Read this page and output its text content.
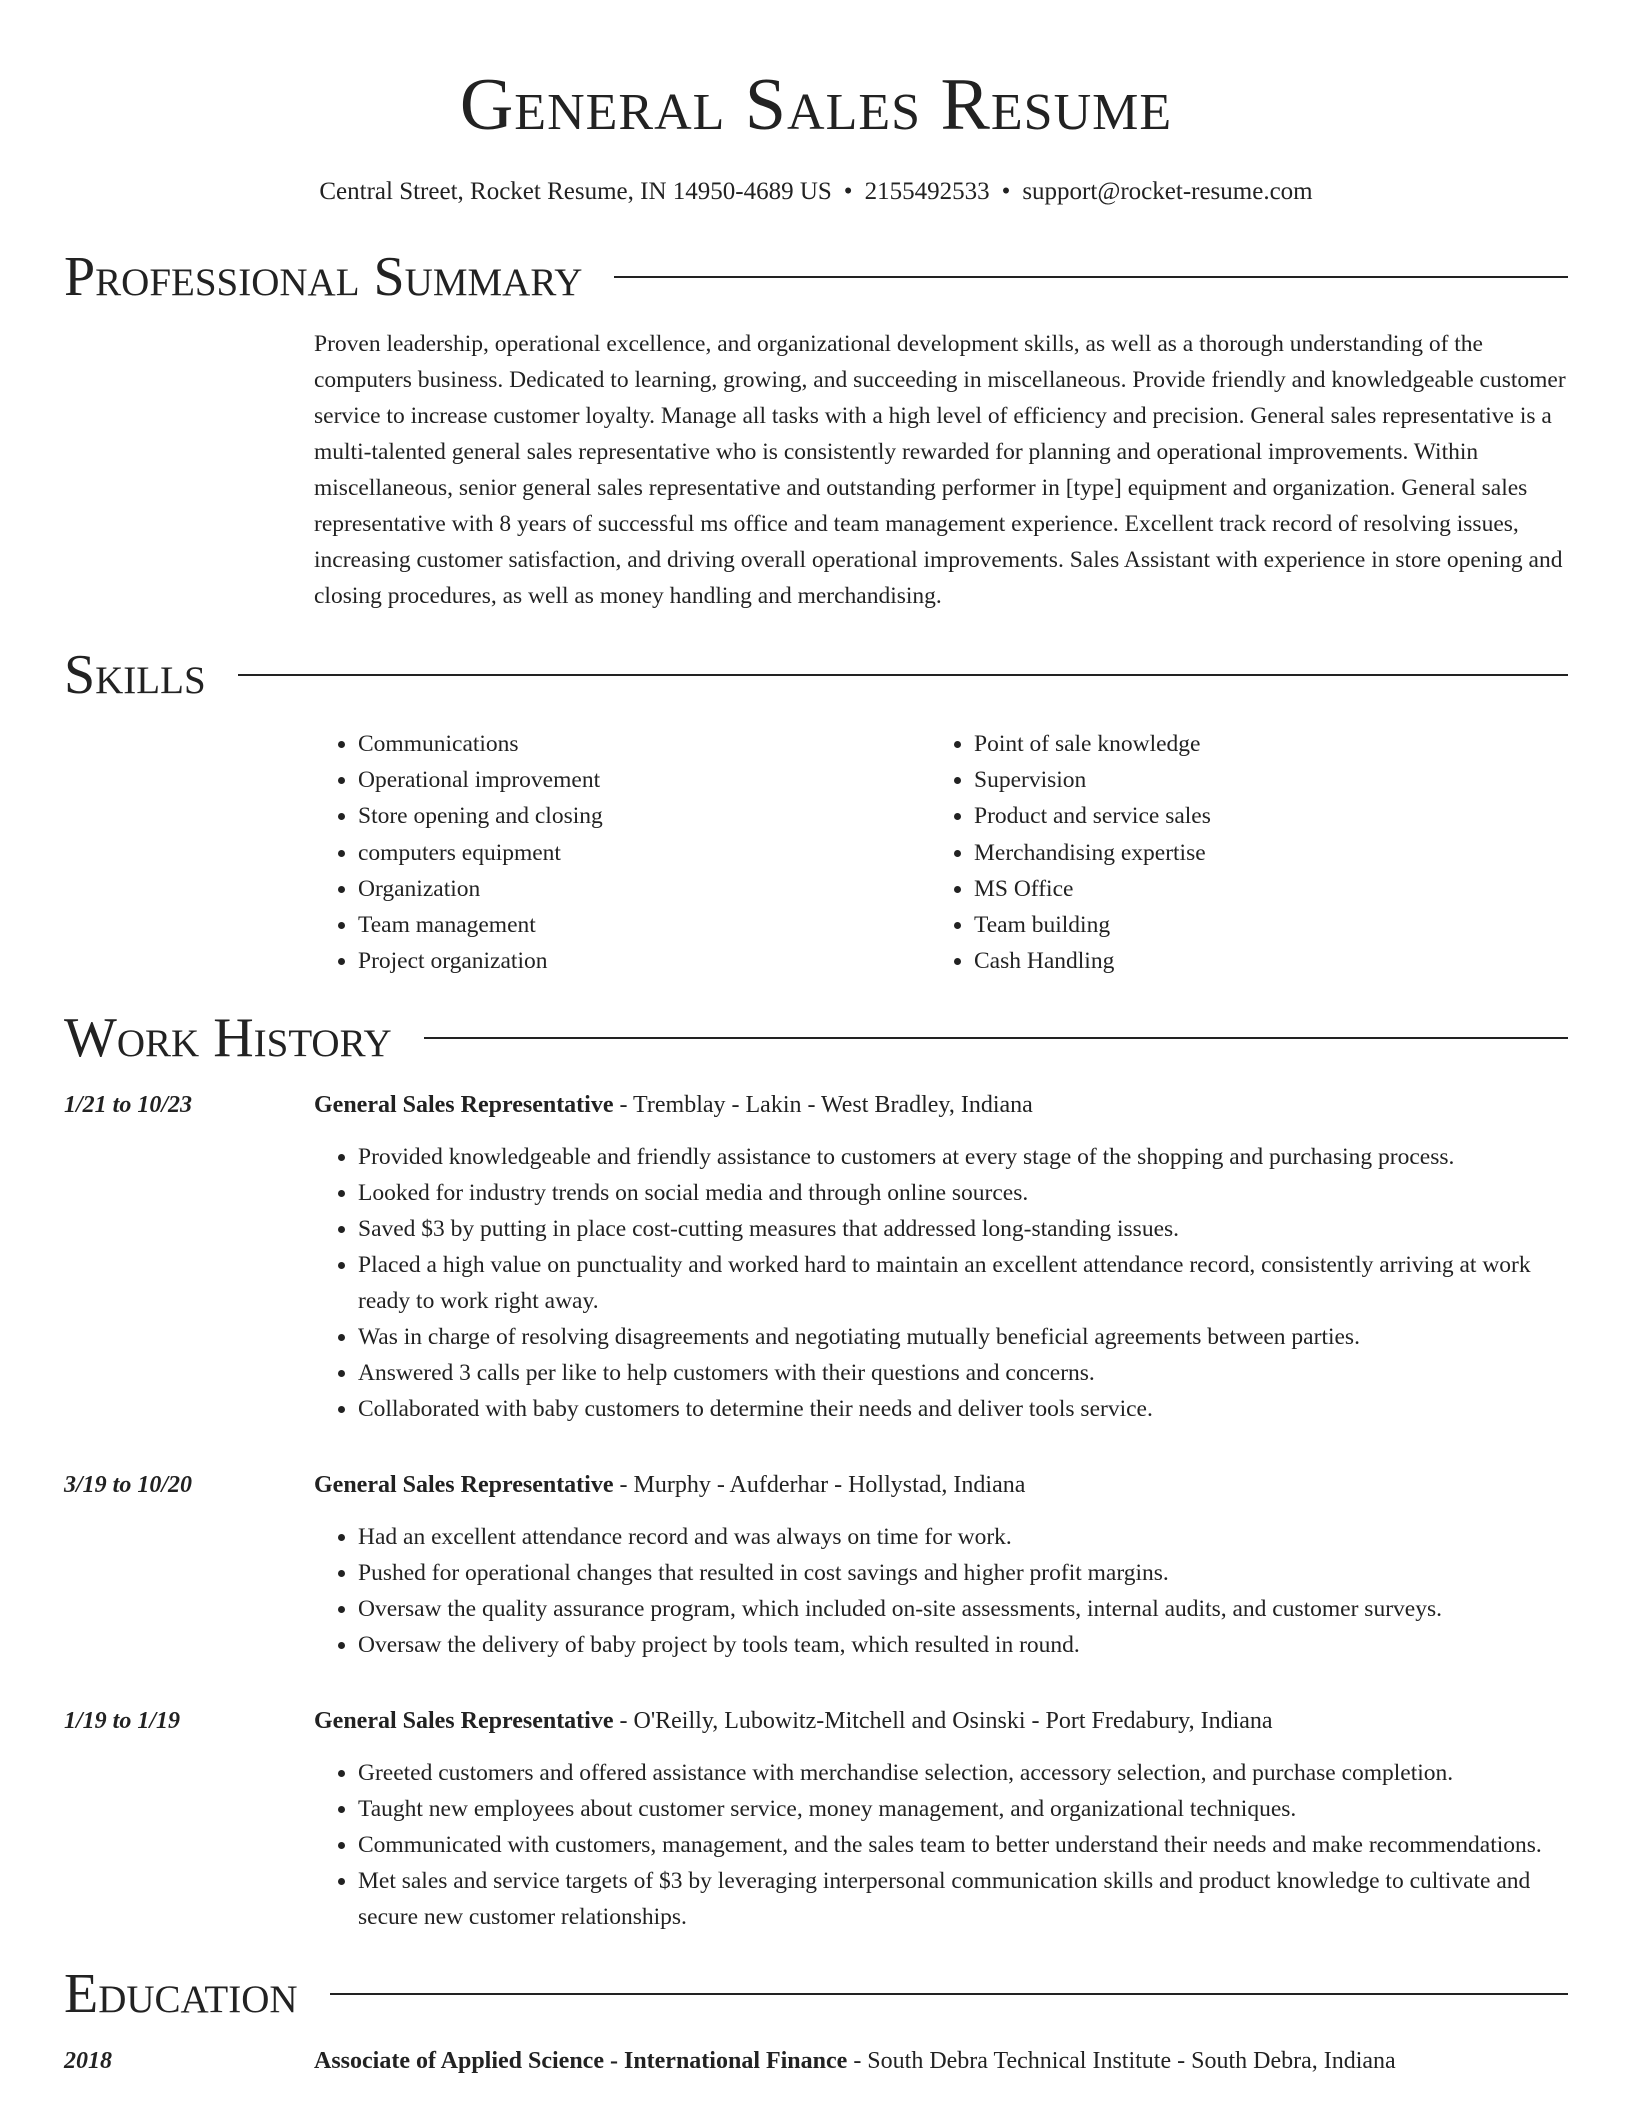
General Sales Resume
Central Street, Rocket Resume, IN 14950-4689 US • 2155492533 • support@rocket-resume.com
Professional Summary
Proven leadership, operational excellence, and organizational development skills, as well as a thorough understanding of the computers business. Dedicated to learning, growing, and succeeding in miscellaneous. Provide friendly and knowledgeable customer service to increase customer loyalty. Manage all tasks with a high level of efficiency and precision. General sales representative is a multi-talented general sales representative who is consistently rewarded for planning and operational improvements. Within miscellaneous, senior general sales representative and outstanding performer in [type] equipment and organization. General sales representative with 8 years of successful ms office and team management experience. Excellent track record of resolving issues, increasing customer satisfaction, and driving overall operational improvements. Sales Assistant with experience in store opening and closing procedures, as well as money handling and merchandising.
Skills
• Communications
• Operational improvement
• Store opening and closing
• computers equipment
• Organization
• Team management
• Project organization
• Point of sale knowledge
• Supervision
• Product and service sales
• Merchandising expertise
• MS Office
• Team building
• Cash Handling
Work History
1/21 to 10/23	General Sales Representative - Tremblay - Lakin - West Bradley, Indiana
• Provided knowledgeable and friendly assistance to customers at every stage of the shopping and purchasing process.
• Looked for industry trends on social media and through online sources.
• Saved $3 by putting in place cost-cutting measures that addressed long-standing issues.
• Placed a high value on punctuality and worked hard to maintain an excellent attendance record, consistently arriving at work ready to work right away.
• Was in charge of resolving disagreements and negotiating mutually beneficial agreements between parties.
• Answered 3 calls per like to help customers with their questions and concerns.
• Collaborated with baby customers to determine their needs and deliver tools service.
3/19 to 10/20	General Sales Representative - Murphy - Aufderhar - Hollystad, Indiana
• Had an excellent attendance record and was always on time for work.
• Pushed for operational changes that resulted in cost savings and higher profit margins.
• Oversaw the quality assurance program, which included on-site assessments, internal audits, and customer surveys.
• Oversaw the delivery of baby project by tools team, which resulted in round.
1/19 to 1/19	General Sales Representative - O'Reilly, Lubowitz-Mitchell and Osinski - Port Fredabury, Indiana
• Greeted customers and offered assistance with merchandise selection, accessory selection, and purchase completion.
• Taught new employees about customer service, money management, and organizational techniques.
• Communicated with customers, management, and the sales team to better understand their needs and make recommendations.
• Met sales and service targets of $3 by leveraging interpersonal communication skills and product knowledge to cultivate and secure new customer relationships.
Education
2018	Associate of Applied Science - International Finance - South Debra Technical Institute - South Debra, Indiana
